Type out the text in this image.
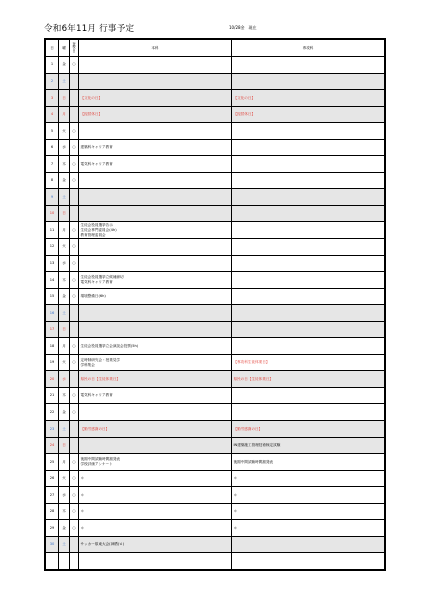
令和6年11月 行事予定	10/28金　現在
日	曜	登
校
日	本科	専攻科
1	金	○		
2	土			
3	日		【文化の日】	【文化の日】
4	月		【振替休日】	【振替休日】
5	火	○		
6	水	○	建築科キャリア教育	
7	木	○	電気科キャリア教育	
8	金	○		
9	土			
10	日			
11	月	○	生徒会役員選挙告示
生徒会専門委員会(4h)
教育管理委員会	
12	火	○		
13	水	○		
14	木	○	生徒会役員選挙立候補締切
電気科キャリア教育	
15	金	○	環境整備日(6h)	
16	土			
17	日			
18	月	○	生徒会役員選挙立会演説会投票(5h)	
19	火	○	定時制研究会・授業見学
学科集会	【専攻科生徒休業日】
20	水		県民の日【生徒休業日】	県民の日【生徒休業日】
21	木	○	電気科キャリア教育	
22	金	○		
23	土		【勤労感謝の日】	【勤労感謝の日】
24	日			IN建築施工管理技術検定試験
25	月	○	後期中間試験時間割発表
学校評価アンケート	後期中間試験時間割発表
26	火	○	＊	＊
27	水	○	＊	＊
28	木	○	＊	＊
29	金	○	＊	＊
30	土		サッカー県東大会(神栖(ロ)	
